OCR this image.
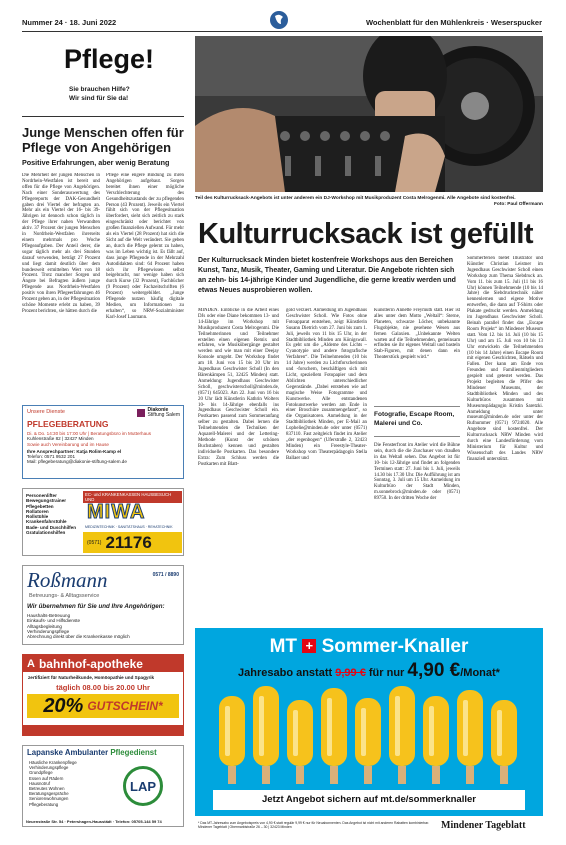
Nummer 24 · 18. Juni 2022	Wochenblatt für den Mühlenkreis · Weserspucker
Pflege!
Sie brauchen Hilfe?
Wir sind für Sie da!
Junge Menschen offen für
Pflege von Angehörigen
Positive Erfahrungen, aber wenig Beratung
Die Mehrheit der jungen Menschen in Nordrhein-Westfalen ist bereit und offen für die Pflege von Angehörigen. Nach einer Sonderauswertung des Pflegereports der DAK-Gesundheit gaben drei Viertel der befragten an. Mehr als ein Viertel der 16- bis 39-Jährigen ist dennoch schon täglich in der Pflege ihrer nahen Verwandten aktiv. 37 Prozent der jungen Menschen in Nordrhein-Westfalen ihrerseits einem mehrmals pro Woche Pflegeaufgaben. Der Anteil derer, die sogar täglich mehr als drei Stunden darauf verwenden, beträgt 27 Prozent und liegt damit deutlich über dem bundesweit ermittelten Wert von 18 Prozent. Trotz mancher Sorgen und Ängste bei Befragten äußern junge Pflegende aus Nordrhein-Westfalen positiv von ihren Pflegeerfahrungen 46 Prozent geben an, in der Pflegesituation schöne Momente erlebt zu haben, 39 Prozent berichten, sie hätten durch die
Pflege eine engere Bindung zu ihren Angehörigen aufgebaut. Sorgen bereitet ihnen einer mögliche Verschlechterung des Gesundheitszustands der zu pflegenden Person (43 Prozent). Jeweils ein Viertel fühlt sich von der Pflegesituation überfordert, sieht sich zeitlich zu stark eingeschränkt oder berichtet von großen finanziellen Aufwand. Für mehr als ein Viertel (28 Prozent) hat sich die Sicht auf die Welt verändert. Sie geben an, durch die Pflege gelernt zu haben, was im Leben wichtig ist. Es fällt auf, dass junge Pflegende in der Mehrzahl Autodidakten sind: 64 Prozent haben sich ihr Pflegewissen selbst beigebracht, nur wenige haben sich durch Kurse (32 Prozent), Fachbücher (9 Prozent) oder Fachzeitschriften (6 Prozent) weitergebildet. „Junge Pflegende nutzen häufig digitale Medien, um Informationen zu erhalten“, so NRW-Sozialminister Karl-Josef Laumann.
Unsere Dienste	Diakonie
Stiftung Salem
PFLEGEBERATUNG
Di. & Do. 14:30 bis 17:00 Uhr | Beratungsbüro im Mutterhaus
Kuhlenstraße 82 | 32427 Minden
Sowie auch Vereinbarung und im Hause
Ihre Ansprechpartner: Katja Rolim-Kamp el
Telefon: 0571 9532 201
Mail: pflegeberatung@diakonie-stiftung-salem.de
Personenlifter
Bewegungstrainer
Pflegebetten
Rollatoren
Rollstühle
Krankenfahrstühle
Bade- und Duschhilfen
Gratulationshilfen
EC- und KRANKENKASSEN HAUSBESUCH UND
MIWA
MEDIZINTECHNIK · SANITÄTSHAUS · REHATECHNIK
(0571) 21176
Roßmann
Betreuungs- & Alltagsservice
0571 / 8890
Wir übernehmen für Sie und Ihre Angehörigen:
Haushalts-Betreuung
Einkaufs- und Hilfsdienste
Alltagsbegleitung
Verhinderungspflege
Abrechnung direkt über die Krankenkasse möglich
A bahnhof-apotheke
zertifiziert für Naturheilkunde, Homöopathie und Spagyrik
täglich 08.00 bis 20.00 Uhr
20% GUTSCHEIN*
Lapanske Ambulanter Pflegedienst
Häusliche Krankenpflege
Verhinderungspflege
Grundpflege
Essen auf Rädern
Hausnotruf
Betreutes Wohnen
Beratungsgespräche
Seniorenwohnungen
Pflegeberatung
LAP
Neuenstraße Str. 54 · Petershagen-Hausstädt · Telefon: 05705-144 59 74
Teil des Kulturrucksack-Angebots ist unter anderem ein DJ-Workshop mit Musikproduzent Costa Melrogenmi. Alle Angebote sind kostenfrei.
Foto: Paul Offermann
Kulturrucksack ist gefüllt
Der Kulturrucksack Minden bietet kostenfreie Workshops aus den Bereichen Kunst, Tanz, Musik, Theater, Gaming und Literatur. Die Angebote richten sich an zehn- bis 14-jährige Kinder und Jugendliche, die gerne kreativ werden und etwas Neues ausprobieren wollen.
MINDEN. Einblicke in die Arbeit eines DJs oder eine Diane bekommen 13- und 14-Jährige im Workshop mit Musikproduzent Costa Melrogenmi. Die Teilnehmerinnen und Teilnehmer erstellen einen eigenen Remix und erfahren, wie Musikübergänge gestaltet werden und wie man mit einer Deejay Konsole umgeht. Der Workshop findet am 18. Juni von 15 bis 20 Uhr im Jugendhaus Geschwister Scholl (In den Bärenkämpen 51, 32425 Minden) statt. Anmeldung: Jugendhaus Geschwister Scholl, geschwisterscholl@minden.de, (0571) 645023. Am 22. Juni von 16 bis 20 Uhr lädt Künstlerin Kathrin Wolters 10- bis 14-Jährige ebenfalls ins Jugendhaus Geschwister Scholl ein. Postkarten passend zum Sommeranfang selber zu gestalten. Dabei lernen die Teilnehmenden die Techniken der Aquarell-Malerei und der Lettering-Methode (Kunst der schönen Buchstaben) kennen und gestalten individuelle Postkarten. Das besondere Extra: Zum Schluss werden die Postkarten mit Blatt-
gold verziert. Anmeldung im Jugendhaus Geschwister Scholl. Wie Fotos ohne Fotoapparat entstehen, zeigt Künstlerin Susann Dietrich vom 27. Juni bis zum 1. Juli, jeweils von 11 bis 15 Uhr, in der Stadtbibliothek Minden am Königswall. Es geht um die „Aldeme des Lichts – Cyanotypie und andere fotografische Verfahren“. Die Teilnehmenden (10 bis 14 Jahre) werden zu Lichtforscherinnen und -forschern, beschäftigen sich mit Licht, speziellem Fotopapier und dem Ablichten unterschiedlicher Gegenstände. „Dabei entstehen wie auf magische Weise Fotogramme und Kunstwerke. Alle entstandenen Fotokunstwerke werden am Ende in einer Broschüre zusammengefasst“, so die Organisatoren. Anmeldung in der Stadtbibliothek Minden, per E-Mail an Lophelie@minden.de oder unter (0571) 837110. Fast zeitgleich findet im Atelier „der regenbogen“ (Uferstraße 2, 32423 Minden) ein Freestyle-Theater-Workshop vom Theaterpädagogin Stella Ballaer und
Künstlerin Annette Freymuth statt. Hier ist alles unter dem Motto „Weltall“: Sterne, Planeten, schwarze Löcher, unbekannte Flugobjekte, nie gesehene Wesen aus fernen Galaxien. „Unbekannte Welten warten auf die Teilnehmenden, gemeinsam erfinden sie ihr eigenes Weltall und basteln Stab-Figuren, mit denen dann ein Theaterstück gespielt wird.“
Fotografie, Escape Room, Malerei und Co.
Die Fensterfront im Atelier wird die Bühne sein, durch die die Zuschauer von draußen in das Weltall sehen. Das Angebot ist für 10- bis 12-Jährige und findet an folgenden Terminen statt: 27. Juni bis 1. Juli, jeweils 14.30 bis 17.30 Uhr. Die Aufführung ist am Sonntag, 3. Juli um 15 Uhr. Anmeldung im Kulturbüro der Stadt Minden, m.sonnebrock@minden.de oder (0571) 89750. In der dritten Woche der
Sommerferien bietet Illustrator und Künstler Christian Leistner im Jugendhaus Geschwister Scholl einen Workshop zum Thema Siebdruck an. Vom 11. bis zum 15. Juli (11 bis 16 Uhr) können Teilnehmende (10 bis 14 Jahre) die Siebdrucktechnik näher kennenlernen und eigene Motive entwerfen, die dann auf T-Shirts oder Plakate gedruckt werden. Anmeldung im Jugendhaus Geschwister Scholl. Beinah parallel findet das „Escape Room Projekt“ im Mindener Museum statt. Vom 12. bis 14. Juli (10 bis 15 Uhr) und am 15. Juli von 10 bis 13 Uhr entwickeln die Teilnehmenden (10 bis 14 Jahre) einen Escape Room mit eigenen Geschichten, Rätseln und Fallen. Der kann am Ende von Freunden und Familienmitgliedern gespielt und getestet werden. Das Projekt begleiten die Pfifer des Mindener Museums, der Stadtbibliothek Minden und des Kulturbüros zusammen mit Museumspädagogin Kristin Saretzki. Anmeldung unter museum@minden.de oder unter der Rufnummer (0571) 9724020. Alle Angebote sind kostenfrei. Der Kulturrucksack NRW Minden wird durch eine Landesförderung vom Ministerium für Kultur und Wissenschaft des Landes NRW finanziell unterstützt.
MT + Sommer-Knaller
Jahresabo anstatt 9,99 € für nur 4,90 €/Monat*
Jetzt Angebot sichern auf mt.de/sommerknaller
* Das MT-Jahresabo zum Angebotspreis von 4,90 € statt regulär 9,99 € nur für Neuabonnenten. Das Angebot ist nicht mit anderen Rabatten kombinierbar. Mindener Tageblatt | Obermarktstraße 26 – 30 | 32423 Minden	Mindener Tageblatt
